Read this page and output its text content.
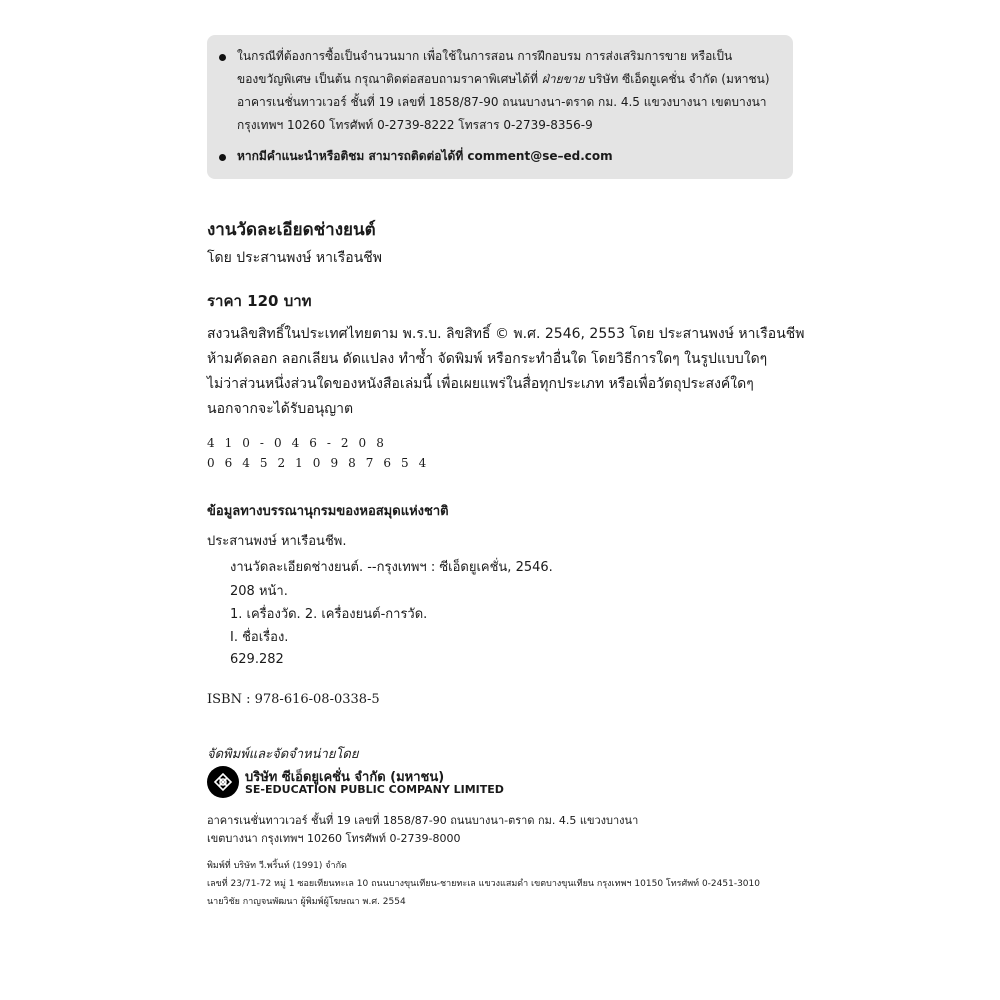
ในกรณีที่ต้องการซื้อเป็นจำนวนมาก เพื่อใช้ในการสอน การฝึกอบรม การส่งเสริมการขาย หรือเป็น
ของขวัญพิเศษ เป็นต้น กรุณาติดต่อสอบถามราคาพิเศษได้ที่ ฝ่ายขาย บริษัท ซีเอ็ดยูเคชั่น จำกัด (มหาชน)
อาคารเนชั่นทาวเวอร์ ชั้นที่ 19 เลขที่ 1858/87-90 ถนนบางนา-ตราด กม. 4.5 แขวงบางนา เขตบางนา
กรุงเทพฯ 10260 โทรศัพท์ 0-2739-8222 โทรสาร 0-2739-8356-9
หากมีคำแนะนำหรือติชม สามารถติดต่อได้ที่ comment@se–ed.com
งานวัดละเอียดช่างยนต์
โดย ประสานพงษ์ หาเรือนชีพ
ราคา 120 บาท
สงวนลิขสิทธิ์ในประเทศไทยตาม พ.ร.บ. ลิขสิทธิ์ © พ.ศ. 2546, 2553 โดย ประสานพงษ์ หาเรือนชีพ
ห้ามคัดลอก ลอกเลียน ดัดแปลง ทำซ้ำ จัดพิมพ์ หรือกระทำอื่นใด โดยวิธีการใดๆ ในรูปแบบใดๆ
ไม่ว่าส่วนหนึ่งส่วนใดของหนังสือเล่มนี้ เพื่อเผยแพร่ในสื่อทุกประเภท หรือเพื่อวัตถุประสงค์ใดๆ
นอกจากจะได้รับอนุญาต
410-046-208
0645210987654
ข้อมูลทางบรรณานุกรมของหอสมุดแห่งชาติ
ประสานพงษ์ หาเรือนชีพ.
งานวัดละเอียดช่างยนต์. --กรุงเทพฯ : ซีเอ็ดยูเคชั่น, 2546.
208 หน้า.
1. เครื่องวัด. 2. เครื่องยนต์-การวัด.
I. ชื่อเรื่อง.
629.282
ISBN : 978-616-08-0338-5
จัดพิมพ์และจัดจำหน่ายโดย
บริษัท ซีเอ็ดยูเคชั่น จำกัด (มหาชน)
SE-EDUCATION PUBLIC COMPANY LIMITED
อาคารเนชั่นทาวเวอร์ ชั้นที่ 19 เลขที่ 1858/87-90 ถนนบางนา-ตราด กม. 4.5 แขวงบางนา
เขตบางนา กรุงเทพฯ 10260 โทรศัพท์ 0-2739-8000
พิมพ์ที่ บริษัท วี.พริ้นท์ (1991) จำกัด
เลขที่ 23/71-72 หมู่ 1 ซอยเทียนทะเล 10 ถนนบางขุนเทียน-ชายทะเล แขวงแสมดำ เขตบางขุนเทียน กรุงเทพฯ 10150 โทรศัพท์ 0-2451-3010
นายวิชัย กาญจนพัฒนา ผู้พิมพ์ผู้โฆษณา พ.ศ. 2554
